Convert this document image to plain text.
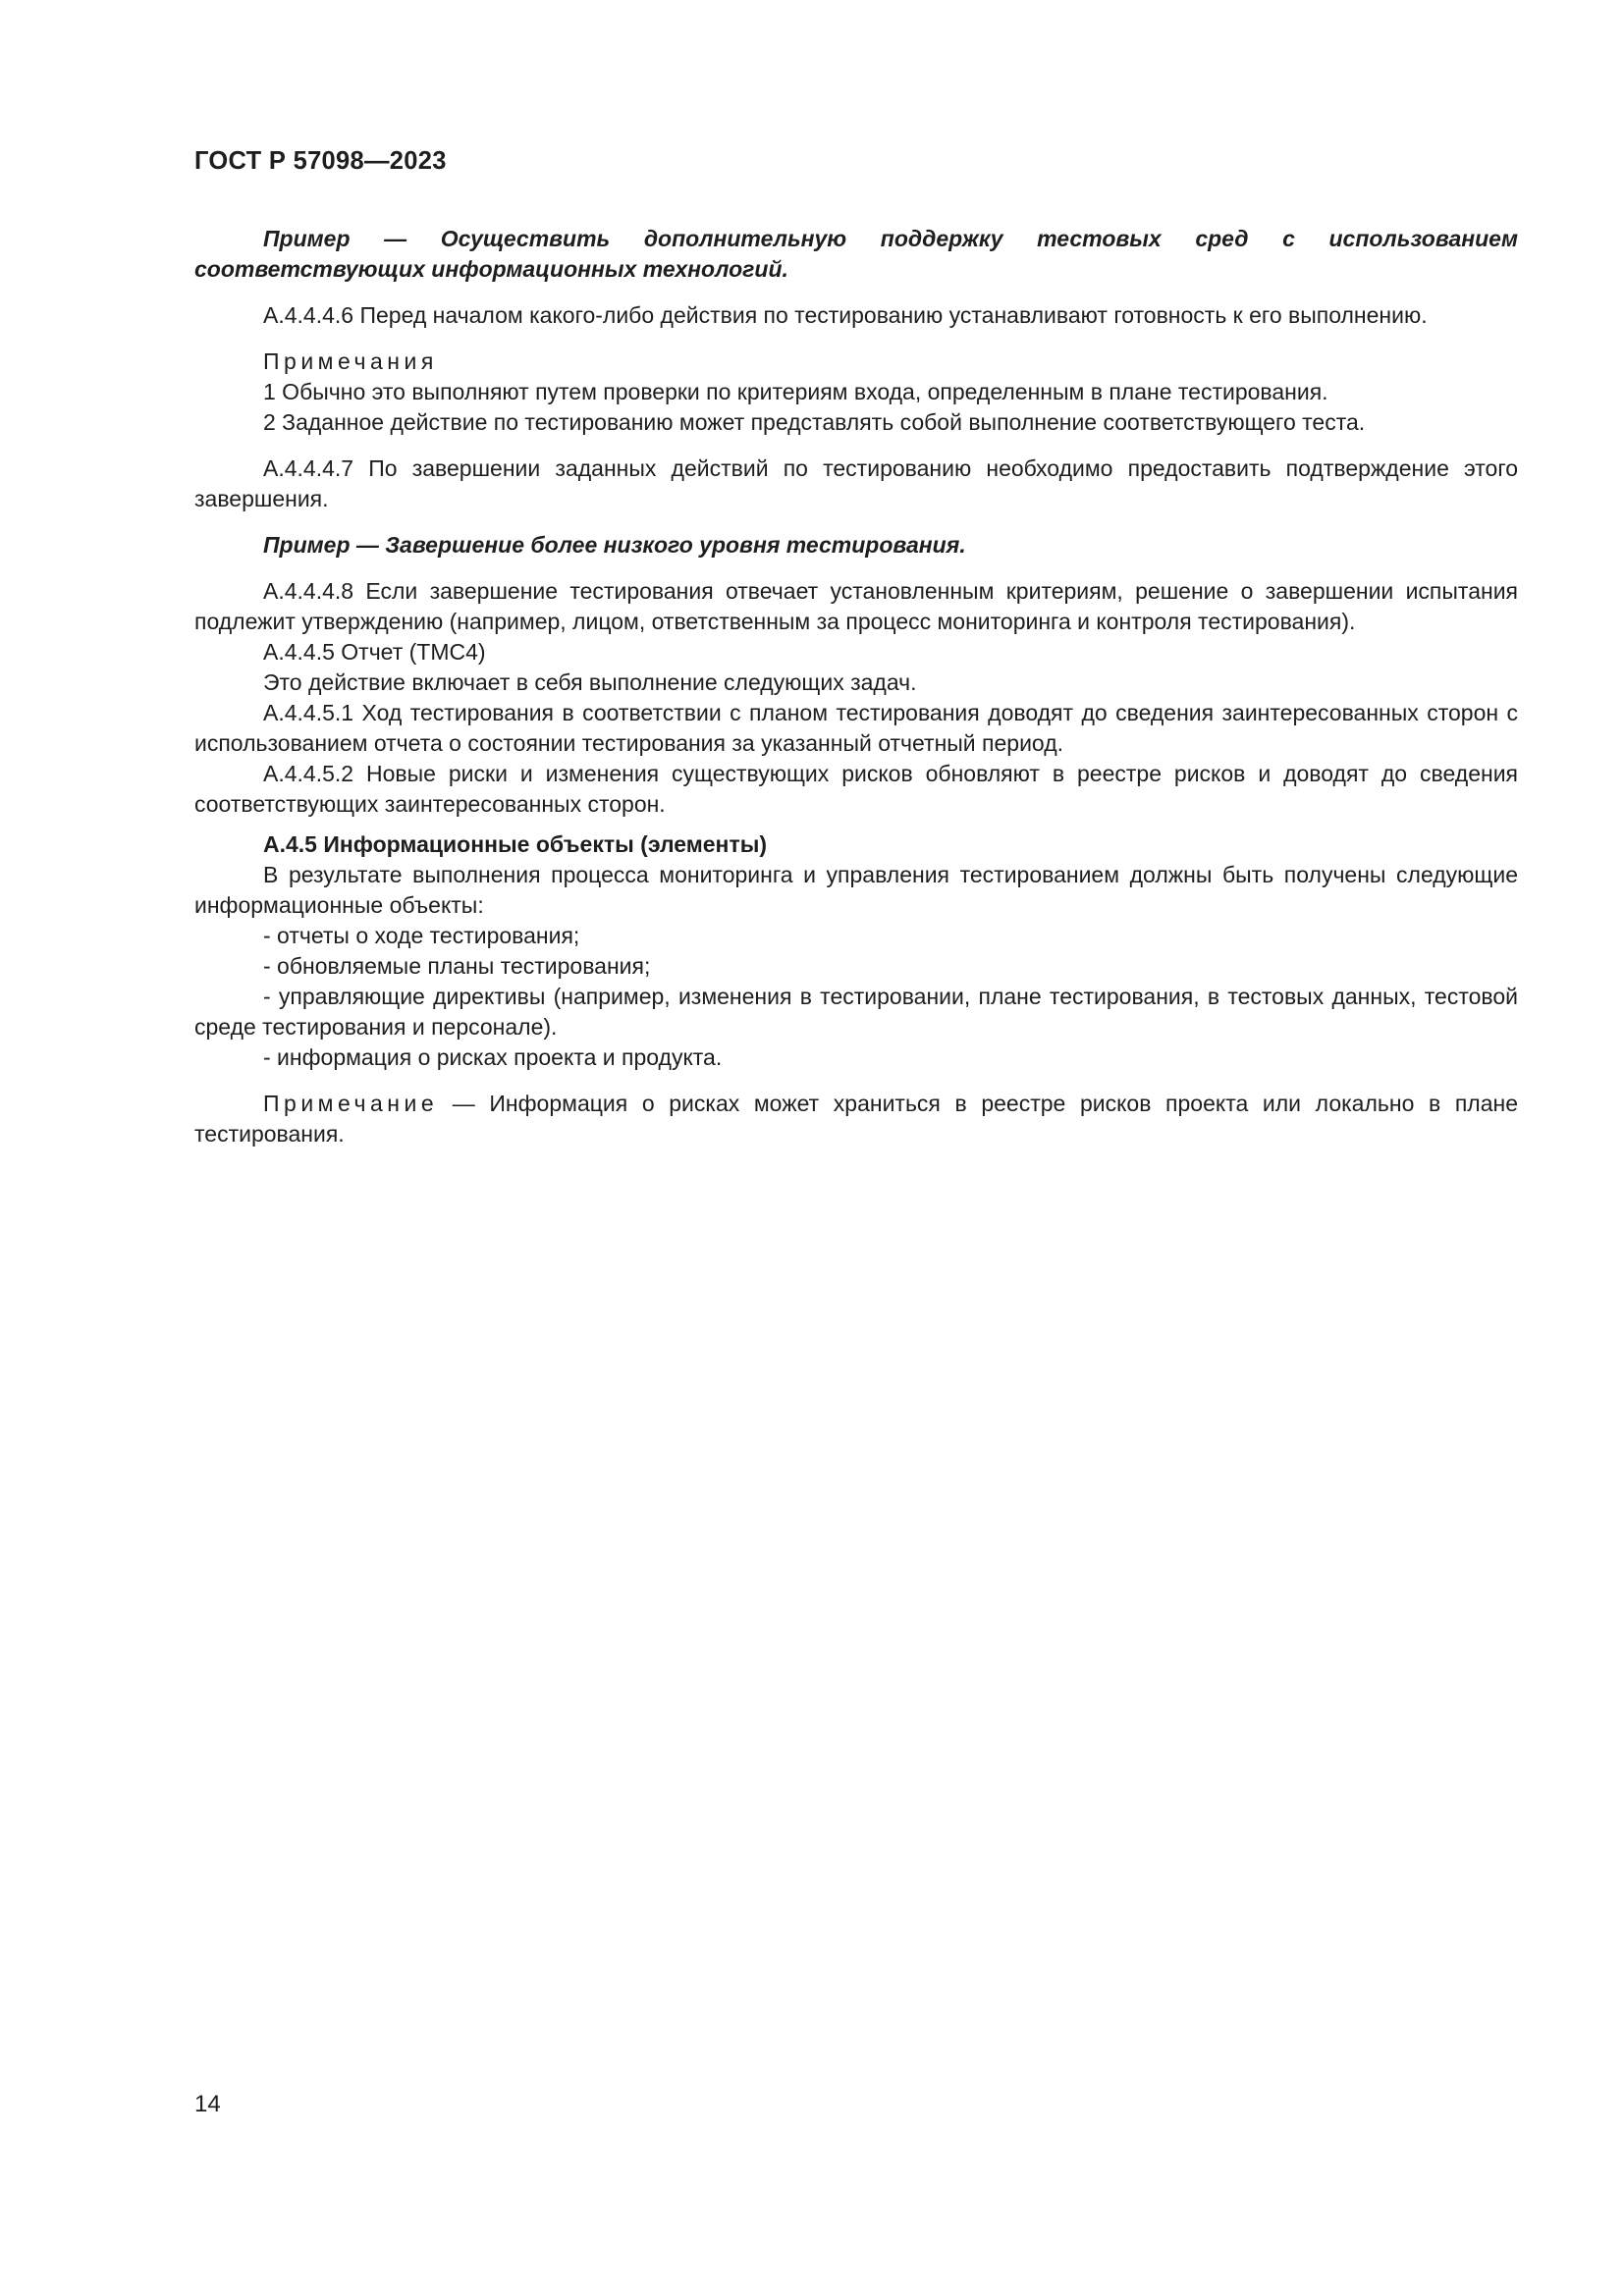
ГОСТ Р 57098—2023

Пример — Осуществить дополнительную поддержку тестовых сред с использованием соответствующих информационных технологий.

А.4.4.4.6 Перед началом какого-либо действия по тестированию устанавливают готовность к его выполнению.

Примечания

1 Обычно это выполняют путем проверки по критериям входа, определенным в плане тестирования.

2 Заданное действие по тестированию может представлять собой выполнение соответствующего теста.

А.4.4.4.7 По завершении заданных действий по тестированию необходимо предоставить подтверждение этого завершения.

Пример — Завершение более низкого уровня тестирования.

А.4.4.4.8 Если завершение тестирования отвечает установленным критериям, решение о завершении испытания подлежит утверждению (например, лицом, ответственным за процесс мониторинга и контроля тестирования).

А.4.4.5 Отчет (ТМС4)

Это действие включает в себя выполнение следующих задач.

А.4.4.5.1 Ход тестирования в соответствии с планом тестирования доводят до сведения заинтересованных сторон с использованием отчета о состоянии тестирования за указанный отчетный период.

А.4.4.5.2 Новые риски и изменения существующих рисков обновляют в реестре рисков и доводят до сведения соответствующих заинтересованных сторон.

А.4.5 Информационные объекты (элементы)

В результате выполнения процесса мониторинга и управления тестированием должны быть получены следующие информационные объекты:

- отчеты о ходе тестирования;

- обновляемые планы тестирования;

- управляющие директивы (например, изменения в тестировании, плане тестирования, в тестовых данных, тестовой среде тестирования и персонале).

- информация о рисках проекта и продукта.

Примечание — Информация о рисках может храниться в реестре рисков проекта или локально в плане тестирования.

14
